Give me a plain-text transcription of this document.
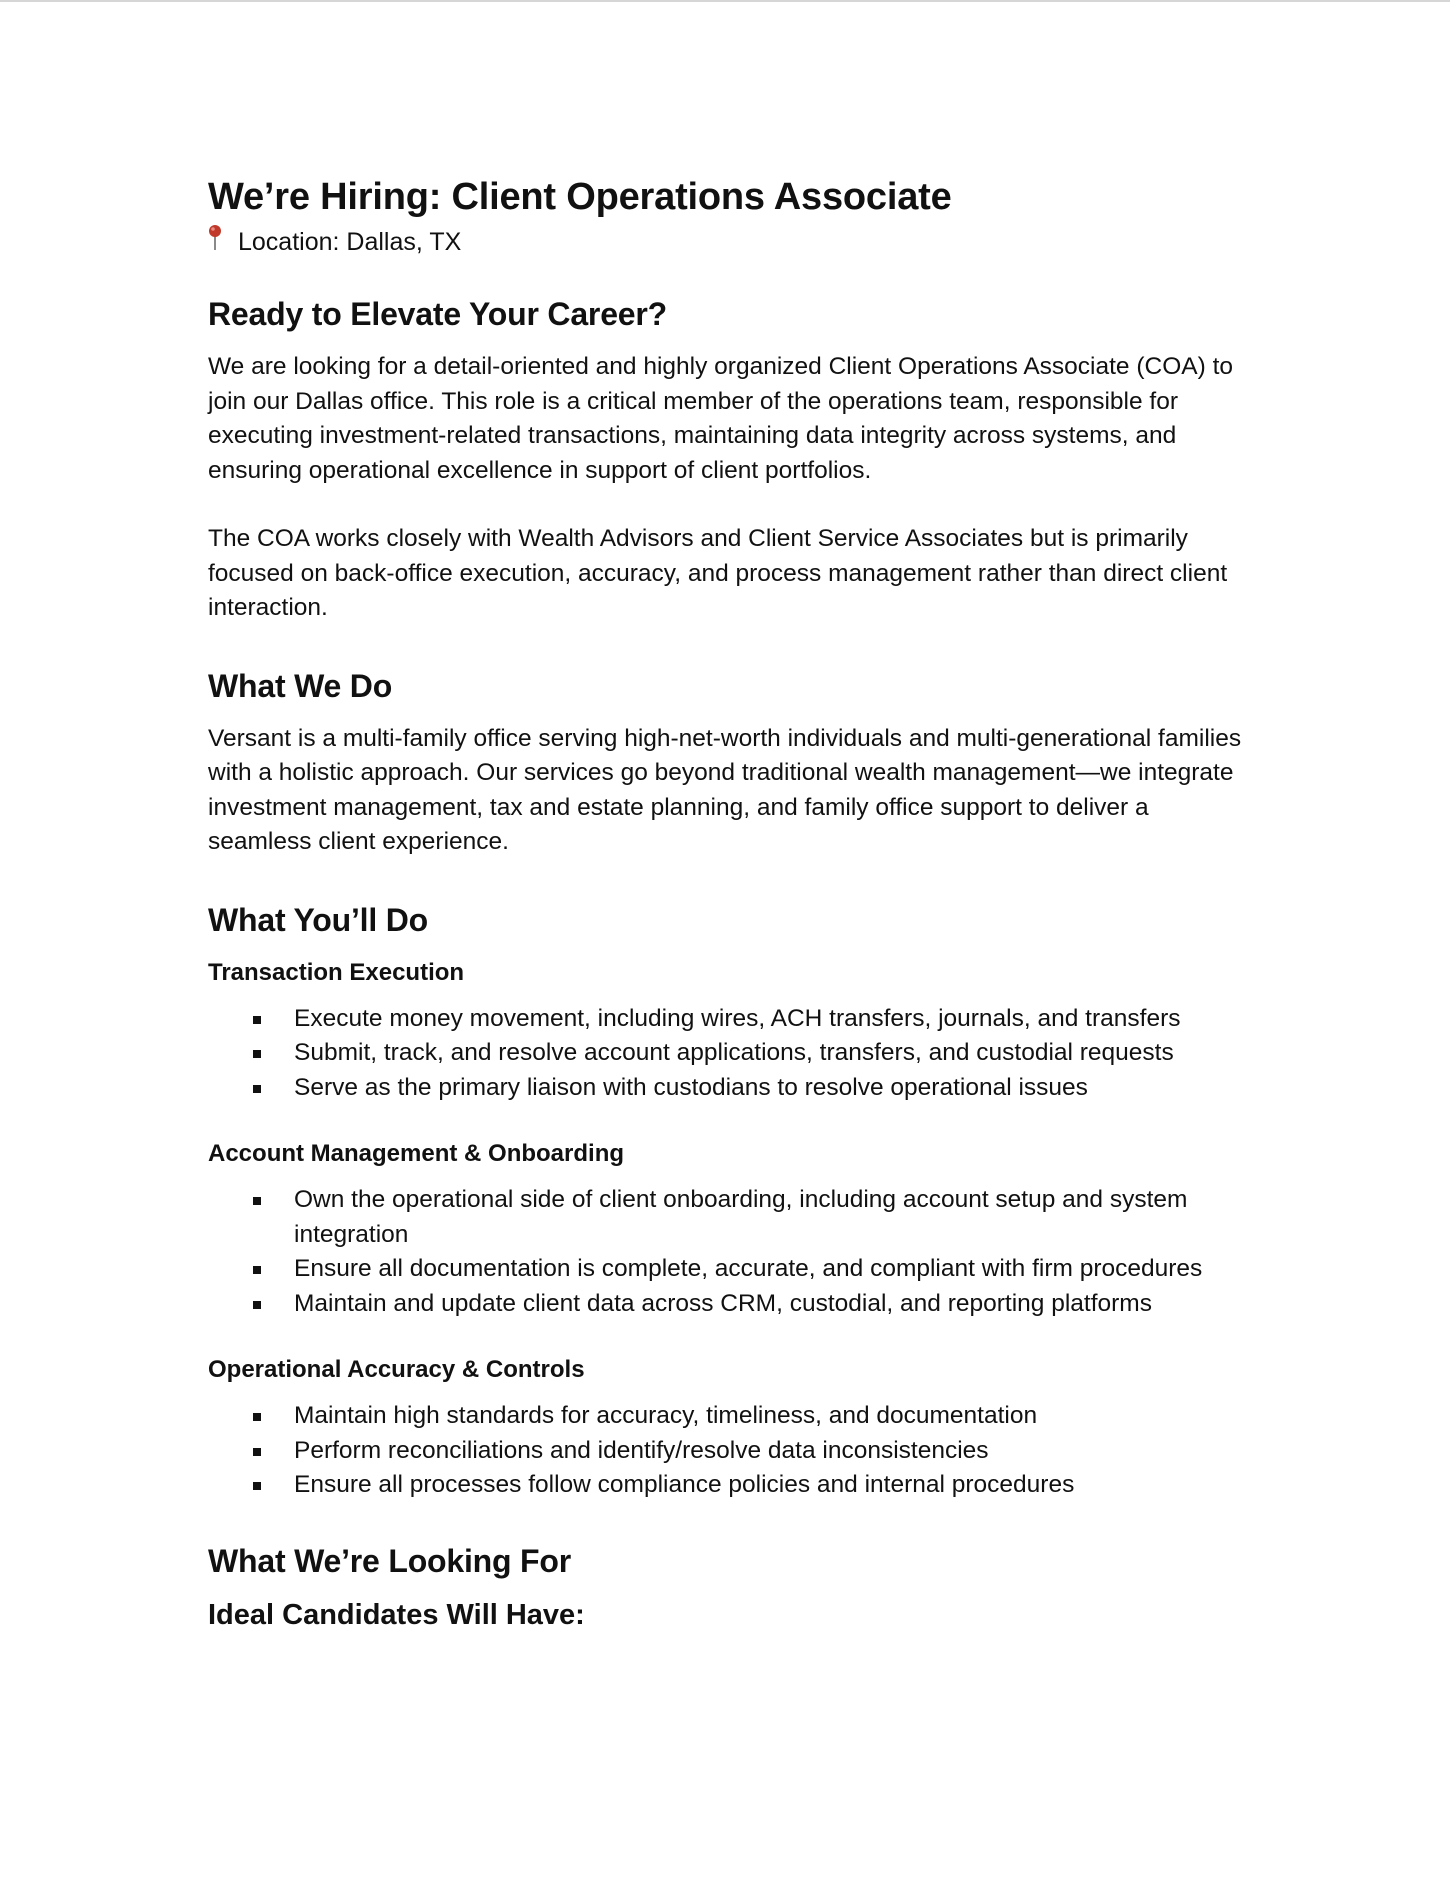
We’re Hiring: Client Operations Associate
Location: Dallas, TX
Ready to Elevate Your Career?

We are looking for a detail-oriented and highly organized Client Operations Associate (COA) to join our Dallas office. This role is a critical member of the operations team, responsible for executing investment-related transactions, maintaining data integrity across systems, and ensuring operational excellence in support of client portfolios.

The COA works closely with Wealth Advisors and Client Service Associates but is primarily focused on back-office execution, accuracy, and process management rather than direct client interaction.

What We Do

Versant is a multi-family office serving high-net-worth individuals and multi-generational families with a holistic approach. Our services go beyond traditional wealth management—we integrate investment management, tax and estate planning, and family office support to deliver a seamless client experience.

What You’ll Do
Transaction Execution
Execute money movement, including wires, ACH transfers, journals, and transfers
Submit, track, and resolve account applications, transfers, and custodial requests
Serve as the primary liaison with custodians to resolve operational issues
Account Management & Onboarding
Own the operational side of client onboarding, including account setup and system integration
Ensure all documentation is complete, accurate, and compliant with firm procedures
Maintain and update client data across CRM, custodial, and reporting platforms
Operational Accuracy & Controls
Maintain high standards for accuracy, timeliness, and documentation
Perform reconciliations and identify/resolve data inconsistencies
Ensure all processes follow compliance policies and internal procedures
What We’re Looking For
Ideal Candidates Will Have:
